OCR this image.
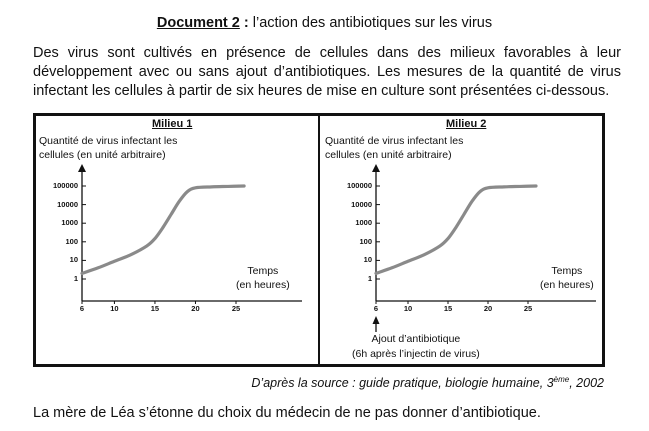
Document 2 : l’action des antibiotiques sur les virus
Des virus sont cultivés en présence de cellules dans des milieux favorables à leur
développement avec ou sans ajout d’antibiotiques. Les mesures de la quantité de virus
infectant les cellules à partir de six heures de mise en culture sont présentées ci-dessous.
Milieu 1
Quantité de virus infectant les
cellules (en unité arbitraire)
Temps
(en heures)
1
10
100
1000
10000
100000
6	10	15	20	25
Milieu 2
Quantité de virus infectant les
cellules (en unité arbitraire)
Temps
(en heures)
Ajout d’antibiotique
(6h après l’injectin de virus)
1
10
100
1000
10000
100000
6	10	15	20	25
D’après la source : guide pratique, biologie humaine, 3ème, 2002
La mère de Léa s’étonne du choix du médecin de ne pas donner d’antibiotique.
